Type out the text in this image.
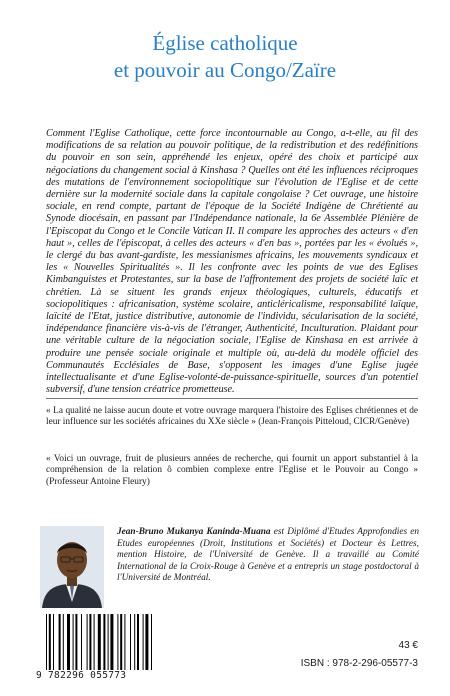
Église catholique
et pouvoir au Congo/Zaïre
Comment l'Eglise Catholique, cette force incontournable au Congo, a-t-elle, au fil des modifications de sa relation au pouvoir politique, de la redistribution et des redéfinitions du pouvoir en son sein, appréhendé les enjeux, opéré des choix et participé aux négociations du changement social à Kinshasa ? Quelles ont été les influences réciproques des mutations de l'environnement sociopolitique sur l'évolution de l'Eglise et de cette dernière sur la modernité sociale dans la capitale congolaise ? Cet ouvrage, une histoire sociale, en rend compte, partant de l'époque de la Société Indigène de Chrétienté au Synode diocésain, en passant par l'Indépendance nationale, la 6e Assemblée Plénière de l'Episcopat du Congo et le Concile Vatican II. Il compare les approches des acteurs « d'en haut », celles de l'épiscopat, à celles des acteurs « d'en bas », portées par les « évolués », le clergé du bas avant-gardiste, les messianismes africains, les mouvements syndicaux et les « Nouvelles Spiritualités ». Il les confronte avec les points de vue des Eglises Kimbanguistes et Protestantes, sur la base de l'affrontement des projets de société laïc et chrétien. Là se situent les grands enjeux théologiques, culturels, éducatifs et sociopolitiques : africanisation, système scolaire, anticléricalisme, responsabilité laïque, laïcité de l'Etat, justice distributive, autonomie de l'individu, sécularisation de la société, indépendance financière vis-à-vis de l'étranger, Authenticité, Inculturation. Plaidant pour une véritable culture de la négociation sociale, l'Eglise de Kinshasa en est arrivée à produire une pensée sociale originale et multiple où, au-delà du modèle officiel des Communautés Ecclésiales de Base, s'opposent les images d'une Eglise jugée intellectualisante et d'une Eglise-volonté-de-puissance-spirituelle, sources d'un potentiel subversif, d'une tension créatrice prometteuse.
« La qualité ne laisse aucun doute et votre ouvrage marquera l'histoire des Eglises chrétiennes et de leur influence sur les sociétés africaines du XXe siècle » (Jean-François Pitteloud, CICR/Genève)
« Voici un ouvrage, fruit de plusieurs années de recherche, qui fournit un apport substantiel à la compréhension de la relation ô combien complexe entre l'Eglise et le Pouvoir au Congo » (Professeur Antoine Fleury)
Jean-Bruno Mukanya Kaninda-Muana est Diplômé d'Etudes Approfondies en Etudes européennes (Droit, Institutions et Sociétés) et Docteur ès Lettres, mention Histoire, de l'Université de Genève. Il a travaillé au Comité International de la Croix-Rouge à Genève et a entrepris un stage postdoctoral à l'Université de Montréal.
9 782296 055773
43 €
ISBN : 978-2-296-05577-3
